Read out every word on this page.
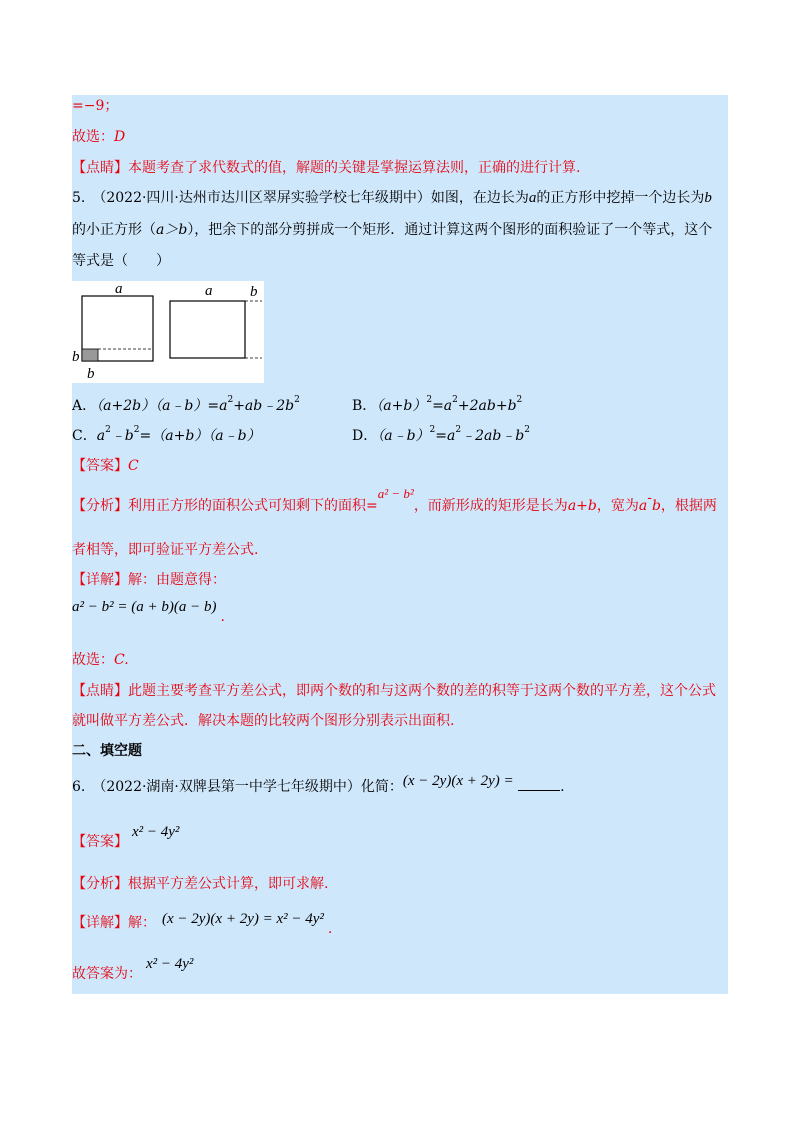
=−9；
故选：D
【点睛】本题考查了求代数式的值，解题的关键是掌握运算法则，正确的进行计算.
5.　（2022·四川·达州市达川区翠屏实验学校七年级期中）如图，在边长为a的正方形中挖掉一个边长为b
的小正方形（a＞b），把余下的部分剪拼成一个矩形．通过计算这两个图形的面积验证了一个等式，这个
等式是（　　）
a	a	b
b
b
A．$(a+2b)(a﹣b)=a^2+ab﹣2b^2$	B．$(a+b)^2=a^2+2ab+b^2$
C．$a^2﹣b^2=(a+b)(a﹣b)$	D．$(a﹣b)^2=a^2﹣2ab﹣b^2$
【答案】C
【分析】利用正方形的面积公式可知剩下的面积=a² − b²，而新形成的矩形是长为a+b，宽为a-b，根据两
者相等，即可验证平方差公式.
【详解】解：由题意得：
a² − b² = (a + b)(a − b).
故选：C.
【点睛】此题主要考查平方差公式，即两个数的和与这两个数的差的积等于这两个数的平方差，这个公式
就叫做平方差公式．解决本题的比较两个图形分别表示出面积.
二、填空题
6.　（2022·湖南·双牌县第一中学七年级期中）化简：(x − 2y)(x + 2y) =	.
【答案】x² − 4y²
【分析】根据平方差公式计算，即可求解.
【详解】解： (x − 2y)(x + 2y) = x² − 4y².
故答案为：x² − 4y²
